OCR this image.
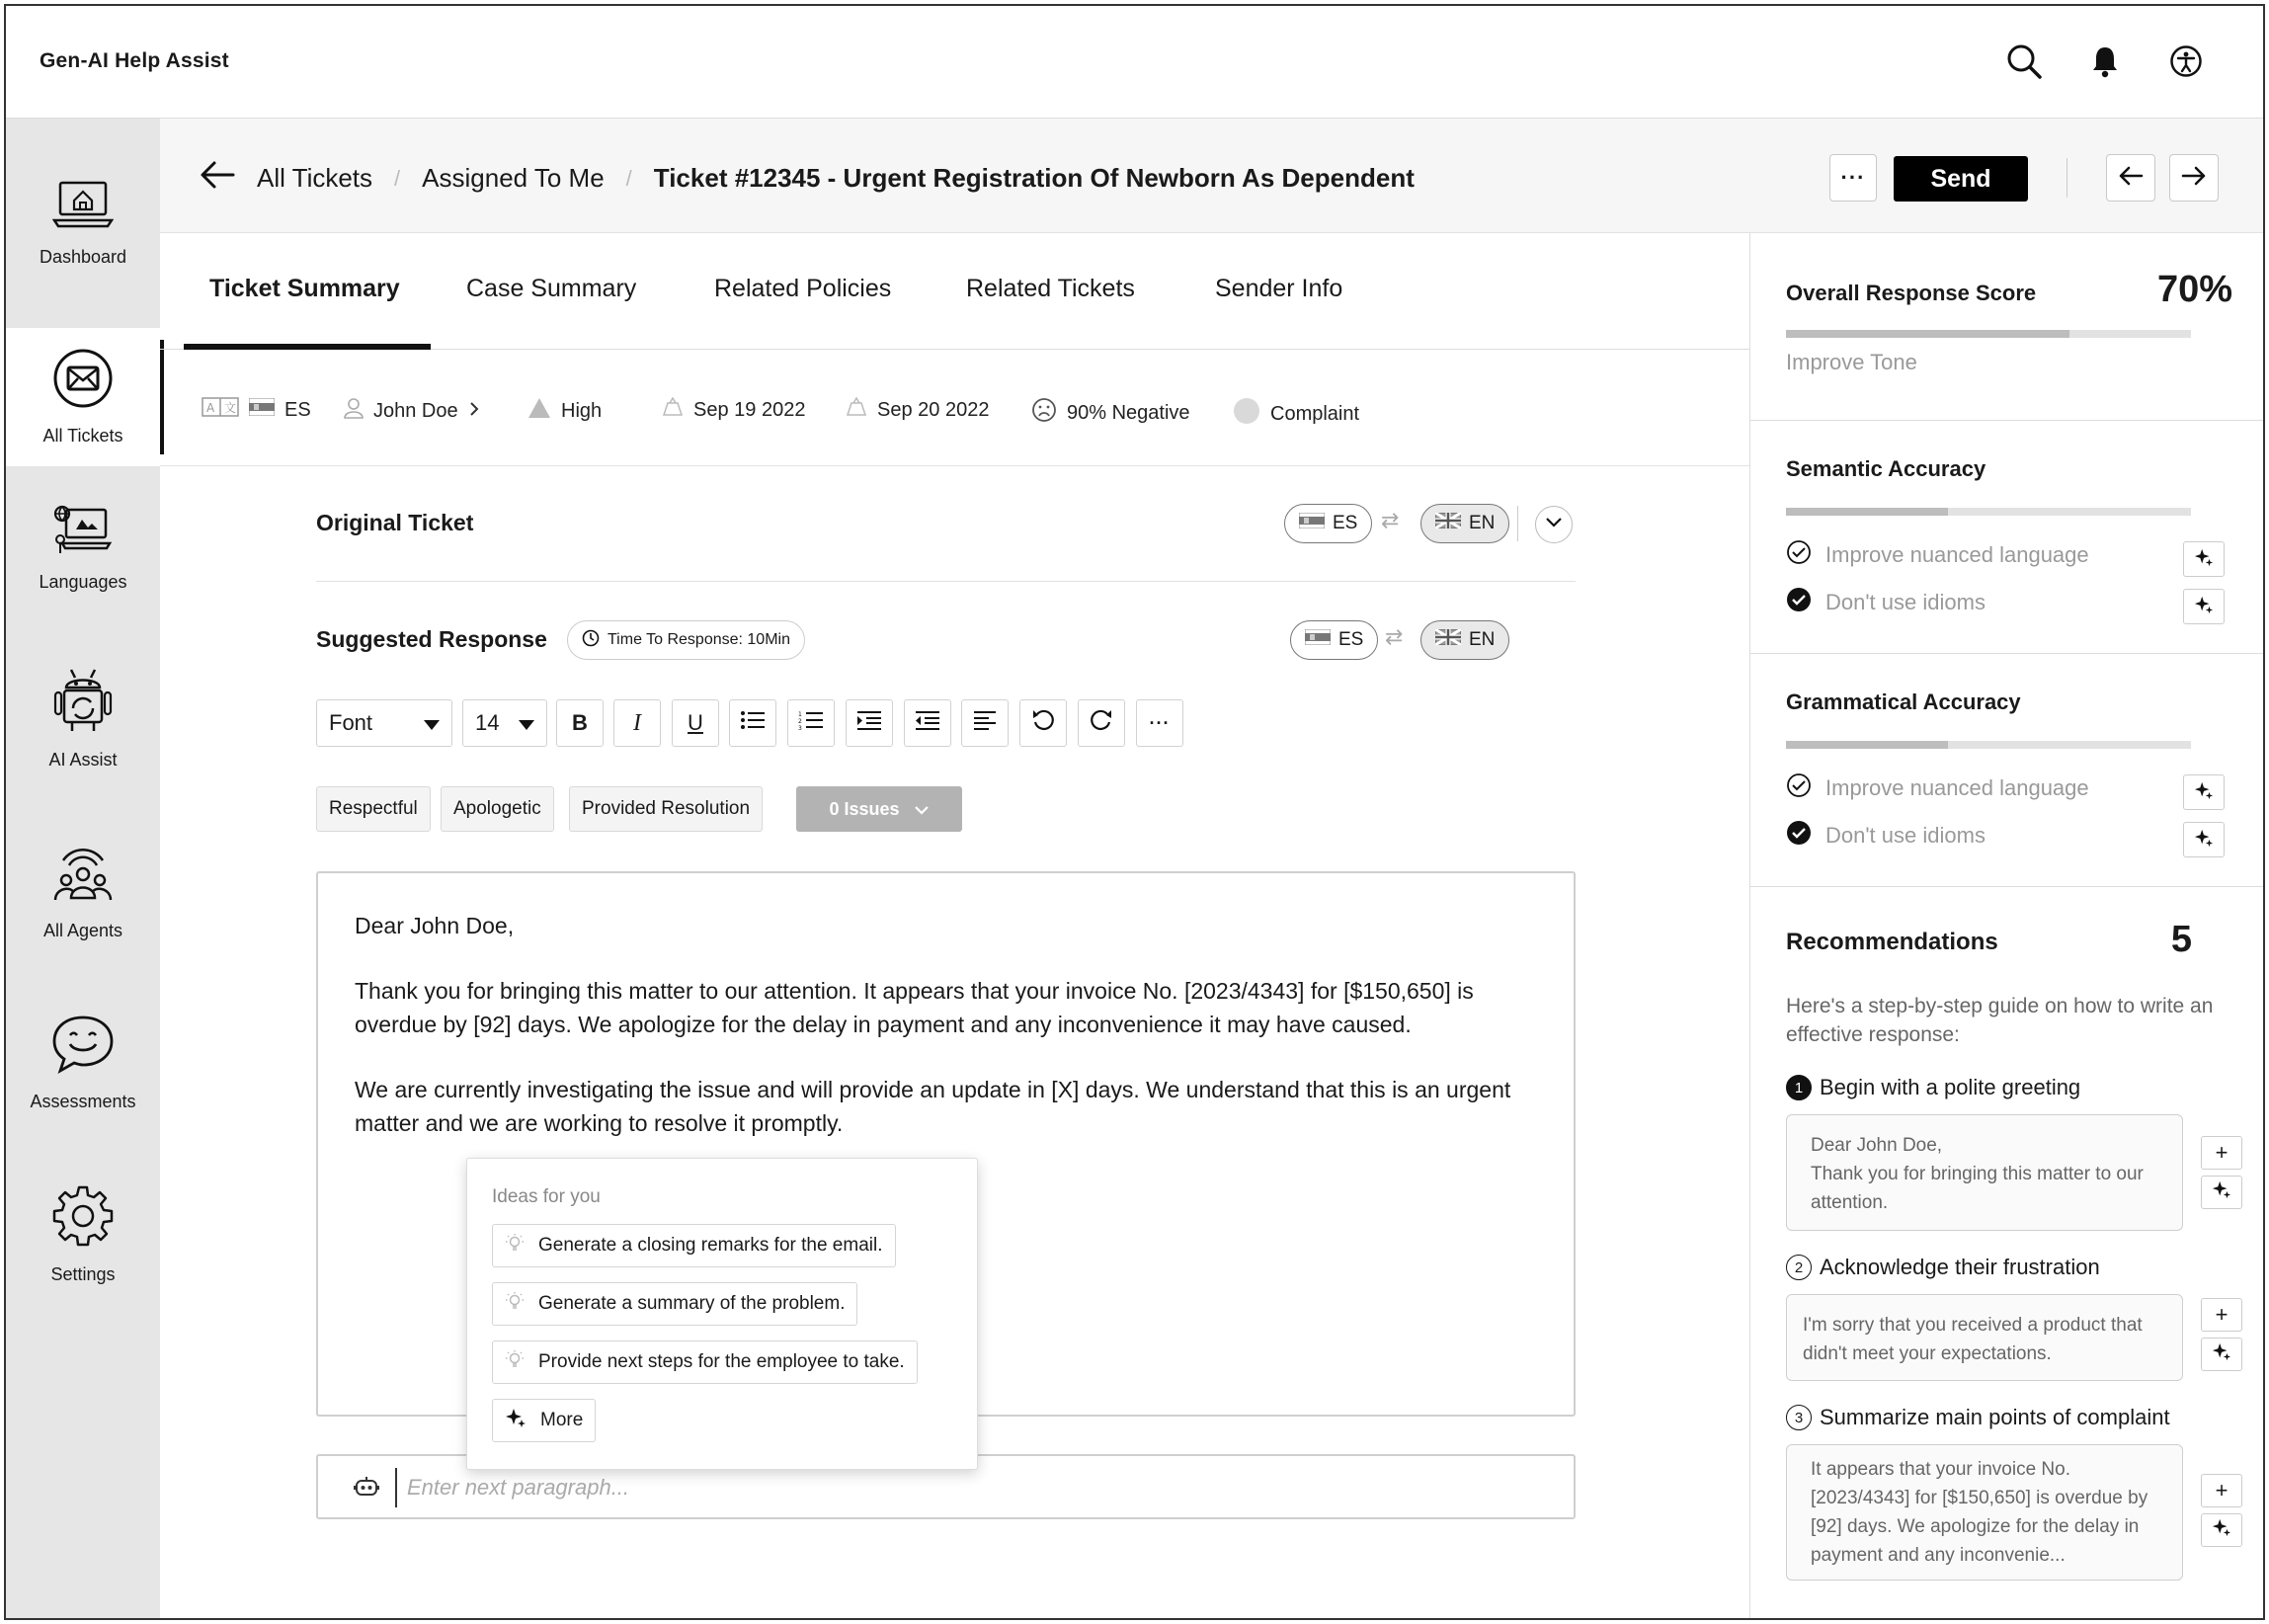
Gen-AI Help Assist
Dashboard
All Tickets
Languages
AI Assist
All Agents
Assessments
Settings
All Tickets / Assigned To Me / Ticket #12345 - Urgent Registration Of Newborn As Dependent	···	Send
Ticket Summary	Case Summary	Related Policies	Related Tickets	Sender Info
A 文 ES	John Doe	High	Sep 19 2022	Sep 20 2022	90% Negative	Complaint
Original Ticket	ES ⇄	EN
Suggested Response	Time To Response: 10Min	ES ⇄	EN
Font	14	B	I	U	1
2
3	···
Respectful	Apologetic	Provided Resolution	0 Issues

Dear John Doe,

Thank you for bringing this matter to our attention. It appears that your invoice No. [2023/4343] for [$150,650] is overdue by [92] days. We apologize for the delay in payment and any inconvenience it may have caused.

We are currently investigating the issue and will provide an update in [X] days. We understand that this is an urgent matter and we are working to resolve it promptly.

Enter next paragraph...
Ideas for you
Generate a closing remarks for the email.
Generate a summary of the problem.
Provide next steps for the employee to take.
More
Overall Response Score	70%
Improve Tone
Semantic Accuracy
Improve nuanced language
Don't use idioms
Grammatical Accuracy
Improve nuanced language
Don't use idioms
Recommendations	5
Here's a step-by-step guide on how to write an effective response:
1 Begin with a polite greeting
Dear John Doe,
Thank you for bringing this matter to our attention.
+
2 Acknowledge their frustration
I'm sorry that you received a product that didn't meet your expectations.
+
3 Summarize main points of complaint
It appears that your invoice No. [2023/4343] for [$150,650] is overdue by [92] days. We apologize for the delay in payment and any inconvenie...
+
